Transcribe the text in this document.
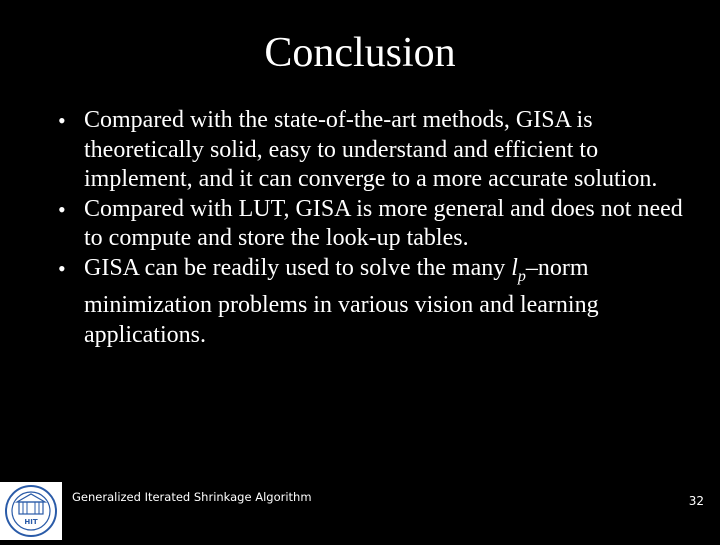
Conclusion
• Compared with the state-of-the-art methods, GISA is theoretically solid, easy to understand and efficient to implement, and it can converge to a more accurate solution.
• Compared with LUT, GISA is more general and does not need to compute and store the look-up tables.
• GISA can be readily used to solve the many $l_p$–norm minimization problems in various vision and learning applications.
HIT
Generalized Iterated Shrinkage Algorithm	32
